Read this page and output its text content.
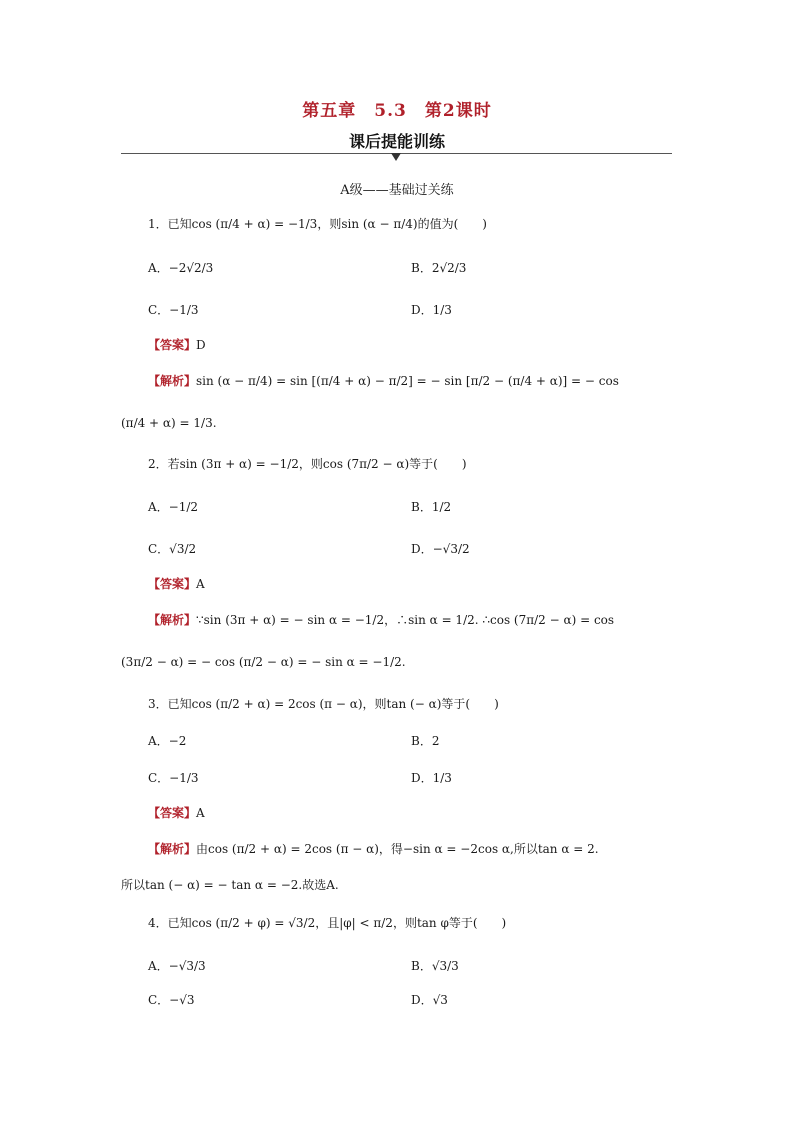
第五章　5.3　第2课时
课后提能训练
A级——基础过关练
1．已知cos (π/4 + α) = −1/3，则sin (α − π/4)的值为(　　)
A．−2√2/3	B．2√2/3
C．−1/3	D．1/3
【答案】D
【解析】sin (α − π/4) = sin [(π/4 + α) − π/2] = − sin [π/2 − (π/4 + α)] = − cos
(π/4 + α) = 1/3.
2．若sin (3π + α) = −1/2，则cos (7π/2 − α)等于(　　)
A．−1/2	B．1/2
C．√3/2	D．−√3/2
【答案】A
【解析】∵sin (3π + α) = − sin α = −1/2，∴sin α = 1/2. ∴cos (7π/2 − α) = cos
(3π/2 − α) = − cos (π/2 − α) = − sin α = −1/2.
3．已知cos (π/2 + α) = 2cos (π − α)，则tan (− α)等于(　　)
A．−2	B．2
C．−1/3	D．1/3
【答案】A
【解析】由cos (π/2 + α) = 2cos (π − α)，得−sin α = −2cos α,所以tan α = 2.
所以tan (− α) = − tan α = −2.故选A.
4．已知cos (π/2 + φ) = √3/2，且|φ| < π/2，则tan φ等于(　　)
A．−√3/3	B．√3/3
C．−√3	D．√3
